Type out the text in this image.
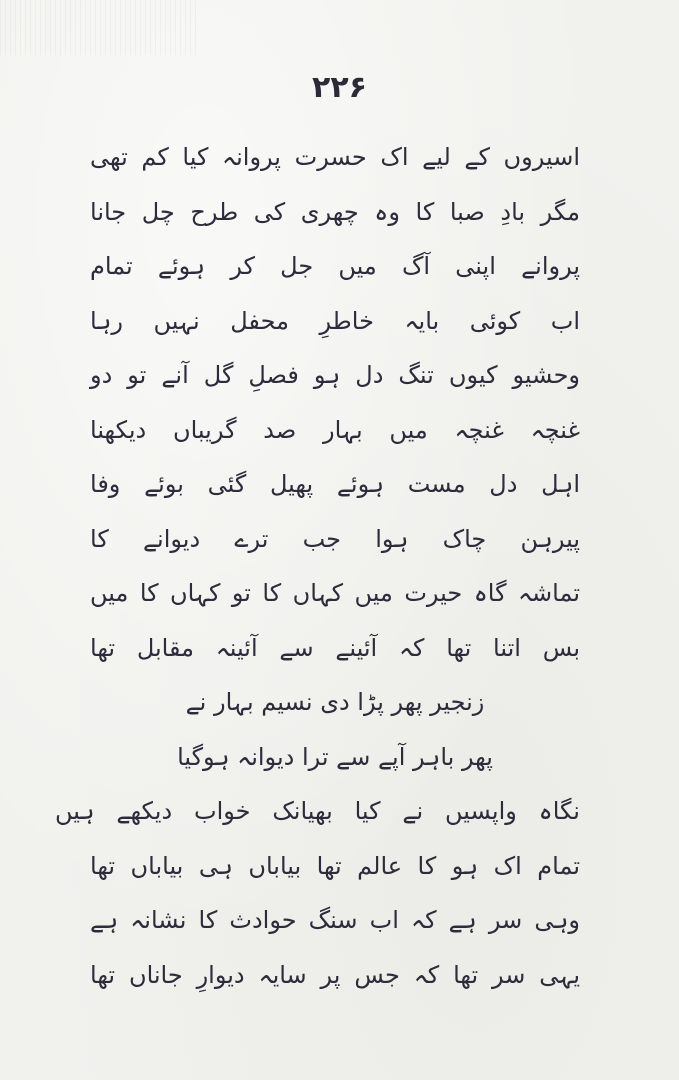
۲۲۶
اسیروں کے لیے اک حسرت پروانہ کیا کم تھی
مگر بادِ صبا کا وہ چھری کی طرح چل جانا
پروانے اپنی آگ میں جل کر ہوئے تمام
اب کوئی بایہ خاطرِ محفل نہیں رہا
وحشیو کیوں تنگ دل ہو فصلِ گل آنے تو دو
غنچہ غنچہ میں بہار صد گریباں دیکھنا
اہل دل مست ہوئے پھیل گئی بوئے وفا
پیرہن چاک ہوا جب ترے دیوانے کا
تماشہ گاہ حیرت میں کہاں کا تو کہاں کا میں
بس اتنا تھا کہ آئینے سے آئینہ مقابل تھا
زنجیر پھر پڑا دی نسیم بہار نے
پھر باہر آپے سے ترا دیوانہ ہوگیا
نگاہ واپسیں نے کیا بھیانک خواب دیکھے ہیں
تمام اک ہو کا عالم تھا بیاباں ہی بیاباں تھا
وہی سر ہے کہ اب سنگ حوادث کا نشانہ ہے
یہی سر تھا کہ جس پر سایہ دیوارِ جاناں تھا
